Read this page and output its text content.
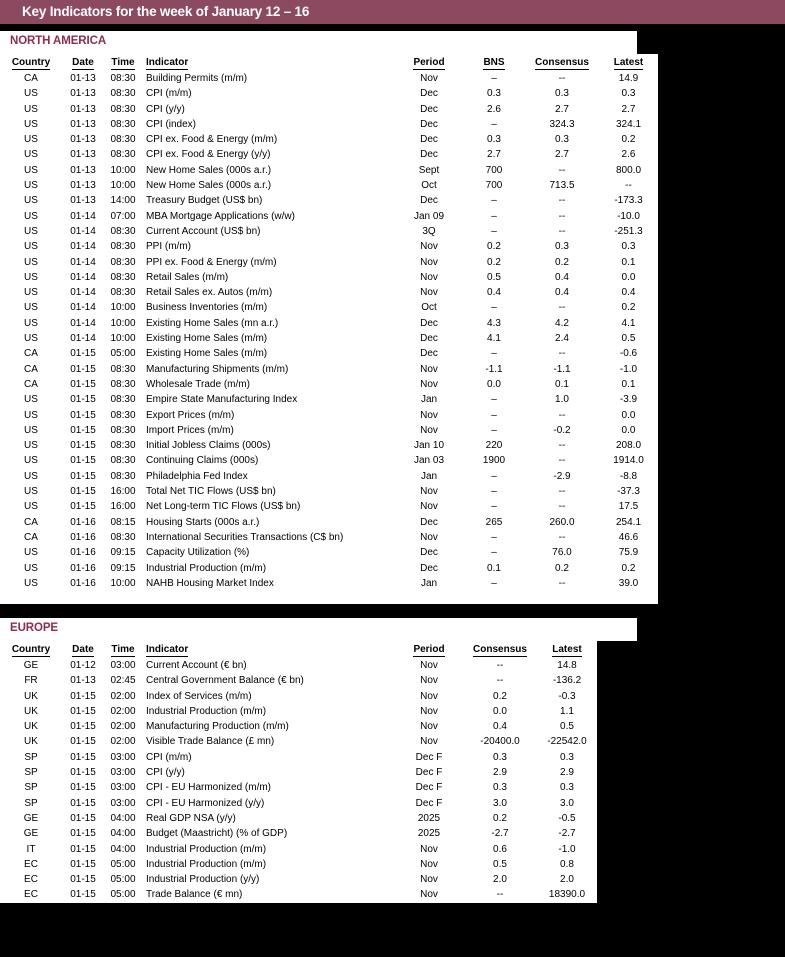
Key Indicators for the week of January 12 – 16
NORTH AMERICA
Country	Date	Time	Indicator	Period	BNS	Consensus	Latest
CA	01-13	08:30	Building Permits (m/m)	Nov	–	--	14.9
US	01-13	08:30	CPI (m/m)	Dec	0.3	0.3	0.3
US	01-13	08:30	CPI (y/y)	Dec	2.6	2.7	2.7
US	01-13	08:30	CPI (index)	Dec	–	324.3	324.1
US	01-13	08:30	CPI ex. Food & Energy (m/m)	Dec	0.3	0.3	0.2
US	01-13	08:30	CPI ex. Food & Energy (y/y)	Dec	2.7	2.7	2.6
US	01-13	10:00	New Home Sales (000s a.r.)	Sept	700	--	800.0
US	01-13	10:00	New Home Sales (000s a.r.)	Oct	700	713.5	--
US	01-13	14:00	Treasury Budget (US$ bn)	Dec	–	--	-173.3
US	01-14	07:00	MBA Mortgage Applications (w/w)	Jan 09	–	--	-10.0
US	01-14	08:30	Current Account (US$ bn)	3Q	–	--	-251.3
US	01-14	08:30	PPI (m/m)	Nov	0.2	0.3	0.3
US	01-14	08:30	PPI ex. Food & Energy (m/m)	Nov	0.2	0.2	0.1
US	01-14	08:30	Retail Sales (m/m)	Nov	0.5	0.4	0.0
US	01-14	08:30	Retail Sales ex. Autos (m/m)	Nov	0.4	0.4	0.4
US	01-14	10:00	Business Inventories (m/m)	Oct	–	--	0.2
US	01-14	10:00	Existing Home Sales (mn a.r.)	Dec	4.3	4.2	4.1
US	01-14	10:00	Existing Home Sales (m/m)	Dec	4.1	2.4	0.5
CA	01-15	05:00	Existing Home Sales (m/m)	Dec	–	--	-0.6
CA	01-15	08:30	Manufacturing Shipments (m/m)	Nov	-1.1	-1.1	-1.0
CA	01-15	08:30	Wholesale Trade (m/m)	Nov	0.0	0.1	0.1
US	01-15	08:30	Empire State Manufacturing Index	Jan	–	1.0	-3.9
US	01-15	08:30	Export Prices (m/m)	Nov	–	--	0.0
US	01-15	08:30	Import Prices (m/m)	Nov	–	-0.2	0.0
US	01-15	08:30	Initial Jobless Claims (000s)	Jan 10	220	--	208.0
US	01-15	08:30	Continuing Claims (000s)	Jan 03	1900	--	1914.0
US	01-15	08:30	Philadelphia Fed Index	Jan	–	-2.9	-8.8
US	01-15	16:00	Total Net TIC Flows (US$ bn)	Nov	–	--	-37.3
US	01-15	16:00	Net Long-term TIC Flows (US$ bn)	Nov	–	--	17.5
CA	01-16	08:15	Housing Starts (000s a.r.)	Dec	265	260.0	254.1
CA	01-16	08:30	International Securities Transactions (C$ bn)	Nov	–	--	46.6
US	01-16	09:15	Capacity Utilization (%)	Dec	–	76.0	75.9
US	01-16	09:15	Industrial Production (m/m)	Dec	0.1	0.2	0.2
US	01-16	10:00	NAHB Housing Market Index	Jan	–	--	39.0
EUROPE
Country	Date	Time	Indicator	Period	Consensus	Latest
GE	01-12	03:00	Current Account (€ bn)	Nov	--	14.8
FR	01-13	02:45	Central Government Balance (€ bn)	Nov	--	-136.2
UK	01-15	02:00	Index of Services (m/m)	Nov	0.2	-0.3
UK	01-15	02:00	Industrial Production (m/m)	Nov	0.0	1.1
UK	01-15	02:00	Manufacturing Production (m/m)	Nov	0.4	0.5
UK	01-15	02:00	Visible Trade Balance (£ mn)	Nov	-20400.0	-22542.0
SP	01-15	03:00	CPI (m/m)	Dec F	0.3	0.3
SP	01-15	03:00	CPI (y/y)	Dec F	2.9	2.9
SP	01-15	03:00	CPI - EU Harmonized (m/m)	Dec F	0.3	0.3
SP	01-15	03:00	CPI - EU Harmonized (y/y)	Dec F	3.0	3.0
GE	01-15	04:00	Real GDP NSA (y/y)	2025	0.2	-0.5
GE	01-15	04:00	Budget (Maastricht) (% of GDP)	2025	-2.7	-2.7
IT	01-15	04:00	Industrial Production (m/m)	Nov	0.6	-1.0
EC	01-15	05:00	Industrial Production (m/m)	Nov	0.5	0.8
EC	01-15	05:00	Industrial Production (y/y)	Nov	2.0	2.0
EC	01-15	05:00	Trade Balance (€ mn)	Nov	--	18390.0
